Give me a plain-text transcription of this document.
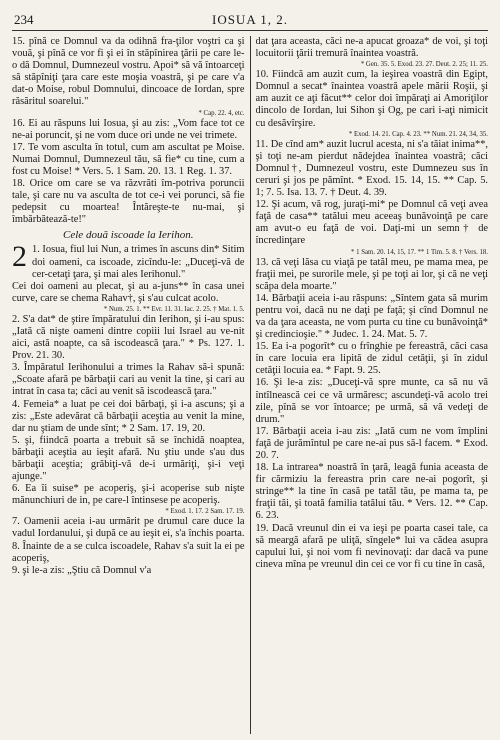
234	IOSUA 1, 2.

15. pînă ce Domnul va da odihnă fra-ţilor voştri ca şi vouă, şi pînă ce vor fi şi ei în stăpînirea ţării pe care le-o dă Domnul, Dumnezeul vostru. Apoi* să vă întoarceţi să stăpîniţi ţara care este moşia voastră, şi pe care v'a dat-o Moise, robul Domnului, dincoace de Iordan, spre răsăritul soarelui."

* Cap. 22. 4, etc.

16. Ei au răspuns lui Iosua, şi au zis: „Vom face tot ce ne-ai poruncit, şi ne vom duce ori unde ne vei trimete.

17. Te vom asculta în totul, cum am ascultat pe Moise. Numai Domnul, Dumnezeul tău, să fie* cu tine, cum a fost cu Moise! * Vers. 5. 1 Sam. 20. 13. 1 Reg. 1. 37.

18. Orice om care se va răzvrăti îm-potriva poruncii tale, şi care nu va asculta de tot ce-i vei porunci, să fie pedepsit cu moartea! Întăreşte-te nu-mai, şi îmbărbătează-te!"

Cele două iscoade la Ierihon.

2 1. Iosua, fiul lui Nun, a trimes în ascuns din* Sitim doi oameni, ca iscoade, zicîndu-le: „Duceţi-vă de cer-cetaţi ţara, şi mai ales Ierihonul."

Cei doi oameni au plecat, şi au a-juns** în casa unei curve, care se chema Rahav†, şi s'au culcat acolo.

* Num. 25. 1. ** Evr. 11. 31. Iac. 2. 25. † Mat. 1. 5.

2. S'a dat* de ştire împăratului din Ierihon, şi i-au spus: „Iată că nişte oameni dintre copiii lui Israel au ve-nit aici, astă noapte, ca să iscodească ţara." * Ps. 127. 1. Prov. 21. 30.

3. Împăratul Ierihonului a trimes la Rahav să-i spună: „Scoate afară pe bărbaţii cari au venit la tine, şi cari au intrat în casa ta; căci au venit să iscodească ţara."

4. Femeia* a luat pe cei doi bărbaţi, şi i-a ascuns; şi a zis: „Este adevărat că bărbaţii aceştia au venit la mine, dar nu ştiam de unde sînt; * 2 Sam. 17. 19, 20.

5. şi, fiindcă poarta a trebuit să se închidă noaptea, bărbaţii aceştia au ieşit afară. Nu ştiu unde s'au dus bărbaţii aceştia; grăbiţi-vă de-i urmăriţi, şi-i veţi ajunge."

6. Ea îi suise* pe acoperiş, şi-i acoperise sub nişte mănunchiuri de in, pe care-l întinsese pe acoperiş.

* Exod. 1. 17. 2 Sam. 17. 19.

7. Oamenii aceia i-au urmărit pe drumul care duce la vadul Iordanului, şi după ce au ieşit ei, s'a închis poarta.

8. Înainte de a se culca iscoadele, Rahav s'a suit la ei pe acoperiş,

9. şi le-a zis: „Ştiu că Domnul v'a

dat ţara aceasta, căci ne-a apucat groaza* de voi, şi toţi locuitorii ţării tremură înaintea voastră.

* Gen. 35. 5. Exod. 23. 27. Deut. 2. 25; 11. 25.

10. Fiindcă am auzit cum, la ieşirea voastră din Egipt, Domnul a secat* înaintea voastră apele mării Roşii, şi am auzit ce aţi făcut** celor doi împăraţi ai Amoriţilor dincolo de Iordan, lui Sihon şi Og, pe cari i-aţi nimicit cu desăvîrşire.

* Exod. 14. 21. Cap. 4. 23. ** Num. 21. 24, 34, 35.

11. De cînd am* auzit lucrul acesta, ni s'a tăiat inima**, şi toţi ne-am pierdut nădejdea înaintea voastră; căci Domnul†, Dumnezeul vostru, este Dumnezeu sus în ceruri şi jos pe pămînt. * Exod. 15. 14, 15. ** Cap. 5. 1; 7. 5. Isa. 13. 7. † Deut. 4. 39.

12. Şi acum, vă rog, juraţi-mi* pe Domnul că veţi avea faţă de casa** tatălui meu aceeaş bunăvoinţă pe care am avut-o eu faţă de voi. Daţi-mi un semn† de încredinţare

* 1 Sam. 20. 14, 15, 17. ** 1 Tim. 5. 8. † Vers. 18.

13. că veţi lăsa cu viaţă pe tatăl meu, pe mama mea, pe fraţii mei, pe surorile mele, şi pe toţi ai lor, şi că ne veţi scăpa dela moarte."

14. Bărbaţii aceia i-au răspuns: „Sîntem gata să murim pentru voi, dacă nu ne daţi pe faţă; şi cînd Domnul ne va da ţara aceasta, ne vom purta cu tine cu bunăvoinţă* şi credincioşie." * Judec. 1. 24. Mat. 5. 7.

15. Ea i-a pogorît* cu o frînghie pe fereastră, căci casa în care locuia era lipită de zidul cetăţii, şi în zidul cetăţii locuia ea. * Fapt. 9. 25.

16. Şi le-a zis: „Duceţi-vă spre munte, ca să nu vă întîlnească cei ce vă urmăresc; ascundeţi-vă acolo trei zile, pînă se vor întoarce; pe urmă, să vă vedeţi de drum."

17. Bărbaţii aceia i-au zis: „Iată cum ne vom împlini faţă de jurămîntul pe care ne-ai pus să-l facem. * Exod. 20. 7.

18. La intrarea* noastră în ţară, leagă funia aceasta de fir cărmiziu la fereastra prin care ne-ai pogorît, şi stringe** la tine în casă pe tatăl tău, pe mama ta, pe fraţii tăi, şi toată familia tatălui tău. * Vers. 12. ** Cap. 6. 23.

19. Dacă vreunul din ei va ieşi pe poarta casei tale, ca să meargă afară pe uliţă, sîngele* lui va cădea asupra capului lui, şi noi vom fi nevinovaţi: dar dacă va pune cineva mîna pe vreunul din cei ce vor fi cu tine în casă,
